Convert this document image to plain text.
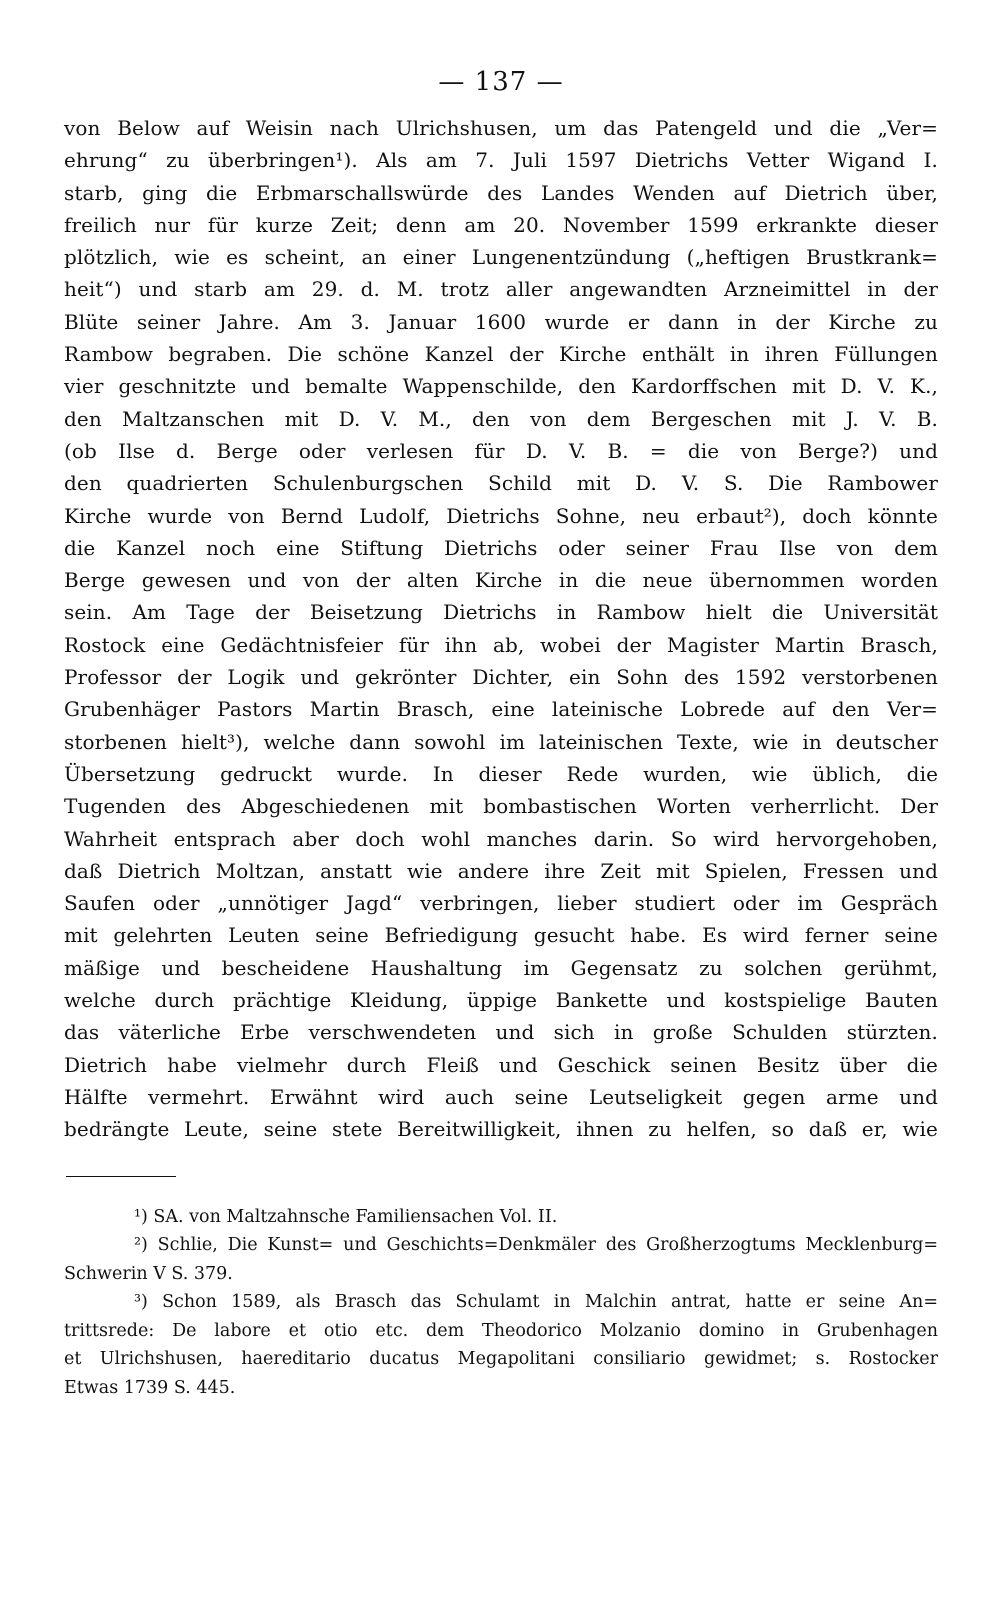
— 137 —
von Below auf Weisin nach Ulrichshusen, um das Patengeld und die „Ver=
ehrung“ zu überbringen¹). Als am 7. Juli 1597 Dietrichs Vetter Wigand I.
starb, ging die Erbmarschallswürde des Landes Wenden auf Dietrich über,
freilich nur für kurze Zeit; denn am 20. November 1599 erkrankte dieser
plötzlich, wie es scheint, an einer Lungenentzündung („heftigen Brustkrank=
heit“) und starb am 29. d. M. trotz aller angewandten Arzneimittel in der
Blüte seiner Jahre. Am 3. Januar 1600 wurde er dann in der Kirche zu
Rambow begraben. Die schöne Kanzel der Kirche enthält in ihren Füllungen
vier geschnitzte und bemalte Wappenschilde, den Kardorffschen mit D. V. K.,
den Maltzanschen mit D. V. M., den von dem Bergeschen mit J. V. B.
(ob Ilse d. Berge oder verlesen für D. V. B. = die von Berge?) und
den quadrierten Schulenburgschen Schild mit D. V. S. Die Rambower
Kirche wurde von Bernd Ludolf, Dietrichs Sohne, neu erbaut²), doch könnte
die Kanzel noch eine Stiftung Dietrichs oder seiner Frau Ilse von dem
Berge gewesen und von der alten Kirche in die neue übernommen worden
sein. Am Tage der Beisetzung Dietrichs in Rambow hielt die Universität
Rostock eine Gedächtnisfeier für ihn ab, wobei der Magister Martin Brasch,
Professor der Logik und gekrönter Dichter, ein Sohn des 1592 verstorbenen
Grubenhäger Pastors Martin Brasch, eine lateinische Lobrede auf den Ver=
storbenen hielt³), welche dann sowohl im lateinischen Texte, wie in deutscher
Übersetzung gedruckt wurde. In dieser Rede wurden, wie üblich, die
Tugenden des Abgeschiedenen mit bombastischen Worten verherrlicht. Der
Wahrheit entsprach aber doch wohl manches darin. So wird hervorgehoben,
daß Dietrich Moltzan, anstatt wie andere ihre Zeit mit Spielen, Fressen und
Saufen oder „unnötiger Jagd“ verbringen, lieber studiert oder im Gespräch
mit gelehrten Leuten seine Befriedigung gesucht habe. Es wird ferner seine
mäßige und bescheidene Haushaltung im Gegensatz zu solchen gerühmt,
welche durch prächtige Kleidung, üppige Bankette und kostspielige Bauten
das väterliche Erbe verschwendeten und sich in große Schulden stürzten.
Dietrich habe vielmehr durch Fleiß und Geschick seinen Besitz über die
Hälfte vermehrt. Erwähnt wird auch seine Leutseligkeit gegen arme und
bedrängte Leute, seine stete Bereitwilligkeit, ihnen zu helfen, so daß er, wie
¹) SA. von Maltzahnsche Familiensachen Vol. II.
²) Schlie, Die Kunst= und Geschichts=Denkmäler des Großherzogtums Mecklenburg=
Schwerin V S. 379.
³) Schon 1589, als Brasch das Schulamt in Malchin antrat, hatte er seine An=
trittsrede: De labore et otio etc. dem Theodorico Molzanio domino in Grubenhagen
et Ulrichshusen, haereditario ducatus Megapolitani consiliario gewidmet; s. Rostocker
Etwas 1739 S. 445.
